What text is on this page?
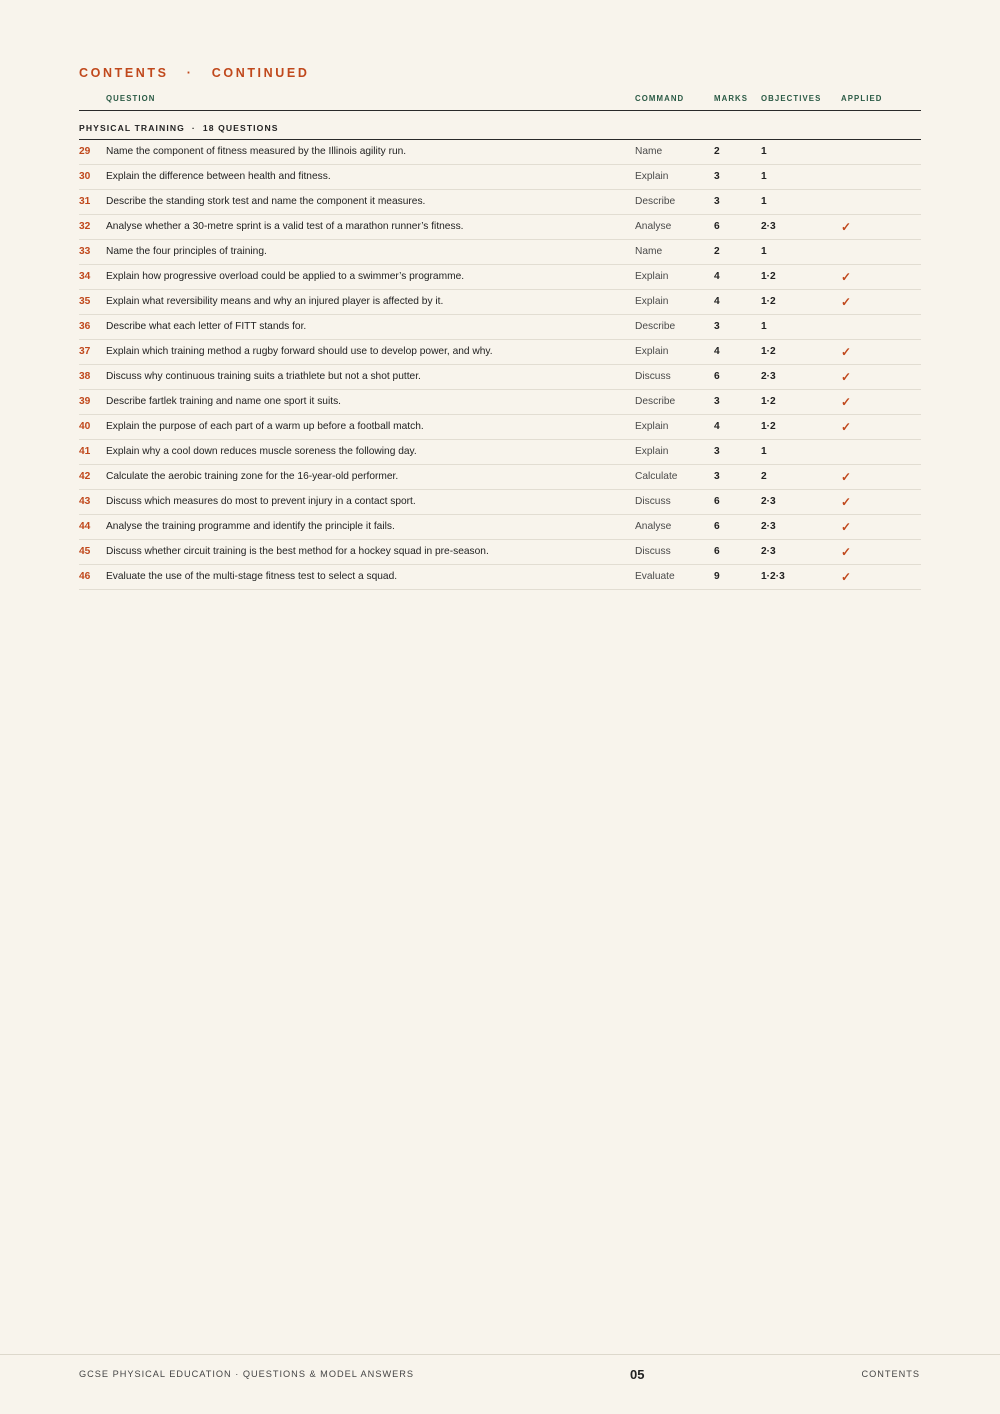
CONTENTS   ·   CONTINUED
QUESTION	COMMAND	MARKS OBJECTIVES	APPLIED
PHYSICAL TRAINING  ·  18 QUESTIONS
29 Name the component of fitness measured by the Illinois agility run.	Name	2	1
30 Explain the difference between health and fitness.	Explain	3	1
31 Describe the standing stork test and name the component it measures.	Describe	3	1
32 Analyse whether a 30-metre sprint is a valid test of a marathon runner’s fitness.	Analyse	6	2·3	✓
33 Name the four principles of training.	Name	2	1
34 Explain how progressive overload could be applied to a swimmer’s programme.	Explain	4	1·2	✓
35 Explain what reversibility means and why an injured player is affected by it.	Explain	4	1·2	✓
36 Describe what each letter of FITT stands for.	Describe	3	1
37 Explain which training method a rugby forward should use to develop power, and why.	Explain	4	1·2	✓
38 Discuss why continuous training suits a triathlete but not a shot putter.	Discuss	6	2·3	✓
39 Describe fartlek training and name one sport it suits.	Describe	3	1·2	✓
40 Explain the purpose of each part of a warm up before a football match.	Explain	4	1·2	✓
41 Explain why a cool down reduces muscle soreness the following day.	Explain	3	1
42 Calculate the aerobic training zone for the 16-year-old performer.	Calculate	3	2	✓
43 Discuss which measures do most to prevent injury in a contact sport.	Discuss	6	2·3	✓
44 Analyse the training programme and identify the principle it fails.	Analyse	6	2·3	✓
45 Discuss whether circuit training is the best method for a hockey squad in pre-season.	Discuss	6	2·3	✓
46 Evaluate the use of the multi-stage fitness test to select a squad.	Evaluate	9	1·2·3	✓
GCSE PHYSICAL EDUCATION · QUESTIONS & MODEL ANSWERS	05	CONTENTS
